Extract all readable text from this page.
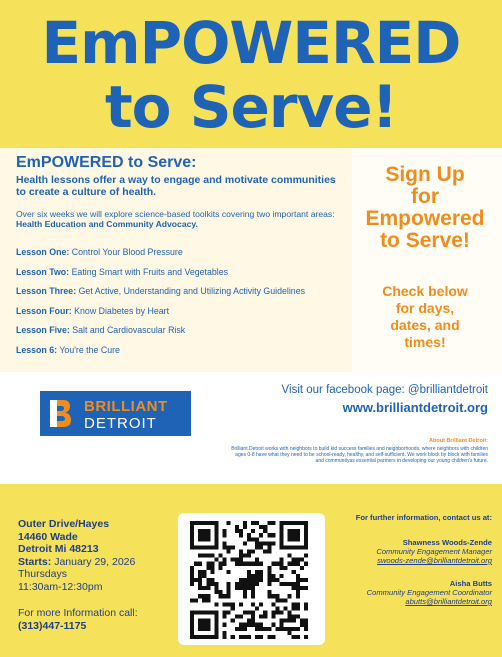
EmPOWERED
to Serve!
EmPOWERED to Serve:
Health lessons offer a way to engage and motivate communities to create a culture of health.
Over six weeks we will explore science-based toolkits covering two important areas: Health Education and Community Advocacy.
Lesson One: Control Your Blood Pressure
Lesson Two: Eating Smart with Fruits and Vegetables
Lesson Three: Get Active, Understanding and Utilizing Activity Guidelines
Lesson Four: Know Diabetes by Heart
Lesson Five: Salt and Cardiovascular Risk
Lesson 6: You're the Cure
Sign Up
for
Empowered
to Serve!
Check below
for days,
dates, and
times!
BRILLIANT
DETROIT
Visit our facebook page: @brilliantdetroit
www.brilliantdetroit.org
About Brilliant Detroit:
Brilliant Detroit works with neighbors to build kid success families and neighborhoods, where neighbors with children ages 0-8 have what they need to be school-ready, healthy, and self-sufficient. We work block by block with families and communityas essential partners in developing our young children's future.
Outer Drive/Hayes
14460 Wade
Detroit Mi 48213
Starts: January 29, 2026
Thursdays
11:30am-12:30pm
For more Information call:
(313)447-1175
For further information, contact us at:
Shawness Woods-Zende
Community Engagement Manager
swoods-zende@brilliantdetroit.org
Aisha Butts
Community Engagement Coordinator
abutts@brilliantdetroit.org
